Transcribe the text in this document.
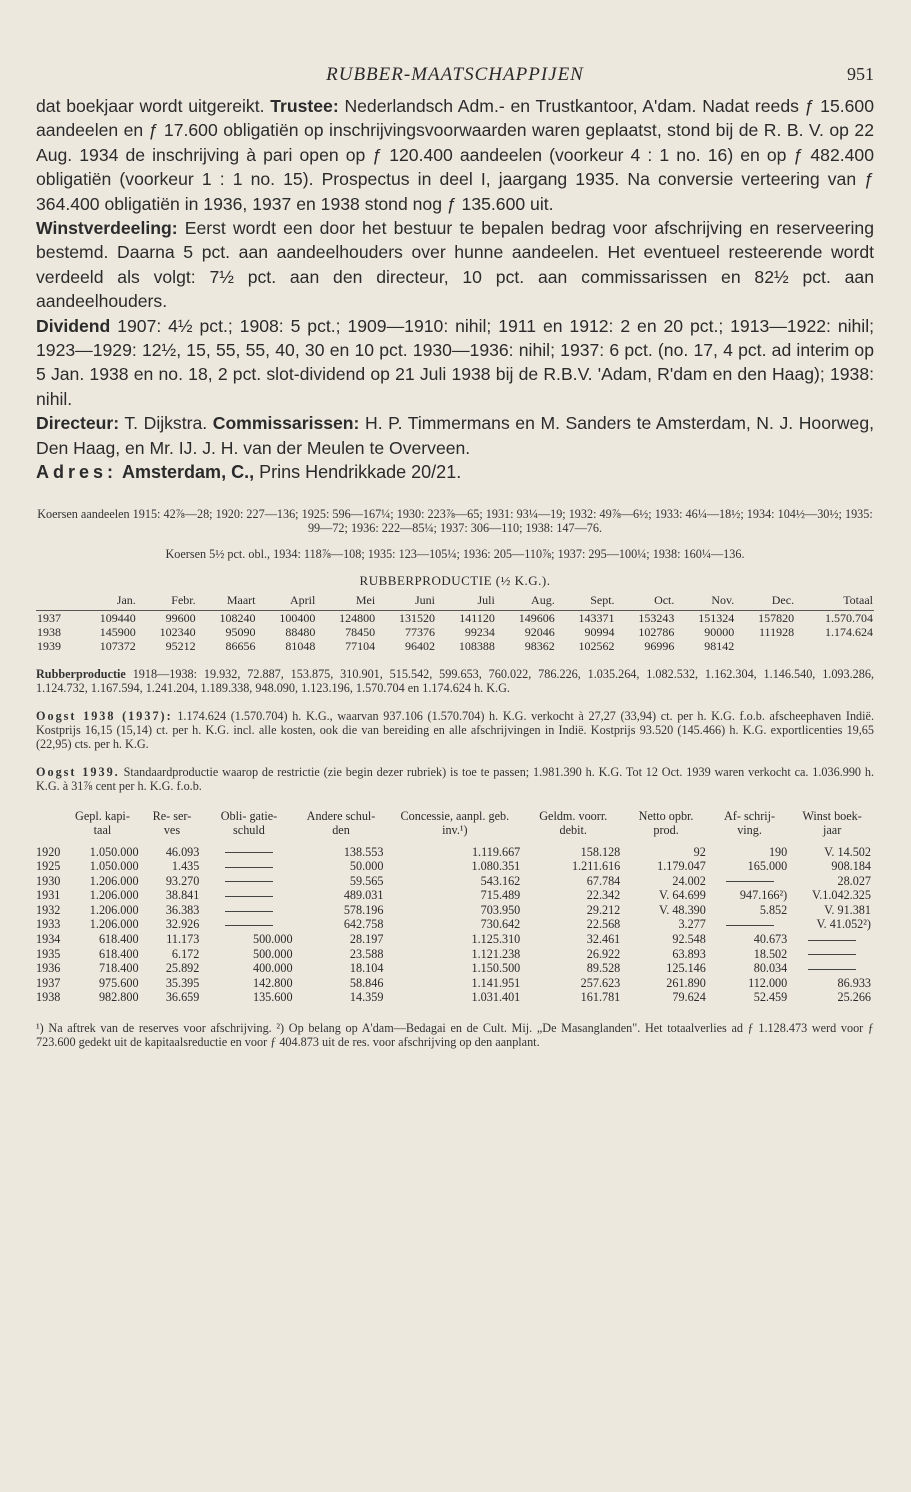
RUBBER-MAATSCHAPPIJEN	951

dat boekjaar wordt uitgereikt. Trustee: Nederlandsch Adm.- en Trustkantoor, A'dam. Nadat reeds ƒ 15.600 aandeelen en ƒ 17.600 obligatiën op inschrijvingsvoorwaarden waren geplaatst, stond bij de R. B. V. op 22 Aug. 1934 de inschrijving à pari open op ƒ 120.400 aandeelen (voorkeur 4 : 1 no. 16) en op ƒ 482.400 obligatiën (voorkeur 1 : 1 no. 15). Prospectus in deel I, jaargang 1935. Na conversie verteering van ƒ 364.400 obligatiën in 1936, 1937 en 1938 stond nog ƒ 135.600 uit.

Winstverdeeling: Eerst wordt een door het bestuur te bepalen bedrag voor afschrijving en reserveering bestemd. Daarna 5 pct. aan aandeelhouders over hunne aandeelen. Het eventueel resteerende wordt verdeeld als volgt: 7½ pct. aan den directeur, 10 pct. aan commissarissen en 82½ pct. aan aandeelhouders.

Dividend 1907: 4½ pct.; 1908: 5 pct.; 1909—1910: nihil; 1911 en 1912: 2 en 20 pct.; 1913—1922: nihil; 1923—1929: 12½, 15, 55, 55, 40, 30 en 10 pct. 1930—1936: nihil; 1937: 6 pct. (no. 17, 4 pct. ad interim op 5 Jan. 1938 en no. 18, 2 pct. slot-dividend op 21 Juli 1938 bij de R.B.V. 'Adam, R'dam en den Haag); 1938: nihil.

Directeur: T. Dijkstra. Commissarissen: H. P. Timmermans en M. Sanders te Amsterdam, N. J. Hoorweg, Den Haag, en Mr. IJ. J. H. van der Meulen te Overveen.

Adres: Amsterdam, C., Prins Hendrikkade 20/21.

Koersen aandeelen 1915: 42⅞—28; 1920: 227—136; 1925: 596—167¼; 1930: 223⅞—65; 1931: 93¼—19; 1932: 49⅞—6½; 1933: 46¼—18½; 1934: 104½—30½; 1935: 99—72; 1936: 222—85¼; 1937: 306—110; 1938: 147—76.

Koersen 5½ pct. obl., 1934: 118⅞—108; 1935: 123—105¼; 1936: 205—110⅞; 1937: 295—100¼; 1938: 160¼—136.

RUBBERPRODUCTIE (½ K.G.).
	Jan.	Febr.	Maart	April	Mei	Juni	Juli	Aug.	Sept.	Oct.	Nov.	Dec.	Totaal
1937	109440	99600	108240	100400	124800	131520	141120	149606	143371	153243	151324	157820	1.570.704
1938	145900	102340	95090	88480	78450	77376	99234	92046	90994	102786	90000	111928	1.174.624
1939	107372	95212	86656	81048	77104	96402	108388	98362	102562	96996	98142		
Rubberproductie 1918—1938: 19.932, 72.887, 153.875, 310.901, 515.542, 599.653, 760.022, 786.226, 1.035.264, 1.082.532, 1.162.304, 1.146.540, 1.093.286, 1.124.732, 1.167.594, 1.241.204, 1.189.338, 948.090, 1.123.196, 1.570.704 en 1.174.624 h. K.G.
Oogst 1938 (1937): 1.174.624 (1.570.704) h. K.G., waarvan 937.106 (1.570.704) h. K.G. verkocht à 27,27 (33,94) ct. per h. K.G. f.o.b. afscheephaven Indië. Kostprijs 16,15 (15,14) ct. per h. K.G. incl. alle kosten, ook die van bereiding en alle afschrijvingen in Indië. Kostprijs 93.520 (145.466) h. K.G. exportlicenties 19,65 (22,95) cts. per h. K.G.
Oogst 1939. Standaardproductie waarop de restrictie (zie begin dezer rubriek) is toe te passen; 1.981.390 h. K.G. Tot 12 Oct. 1939 waren verkocht ca. 1.036.990 h. K.G. à 31⅞ cent per h. K.G. f.o.b.
	Gepl. kapi- taal	Re- ser- ves	Obli- gatie- schuld	Andere schul- den	Concessie, aanpl. geb. inv.¹)	Geldm. voorr. debit.	Netto opbr. prod.	Af- schrij- ving.	Winst boek- jaar
1920	1.050.000	46.093		138.553	1.119.667	158.128	92	190	V. 14.502
1925	1.050.000	1.435		50.000	1.080.351	1.211.616	1.179.047	165.000	908.184
1930	1.206.000	93.270		59.565	543.162	67.784	24.002		28.027
1931	1.206.000	38.841		489.031	715.489	22.342	V. 64.699	947.166²)	V.1.042.325
1932	1.206.000	36.383		578.196	703.950	29.212	V. 48.390	5.852	V. 91.381
1933	1.206.000	32.926		642.758	730.642	22.568	3.277		V. 41.052²)
1934	618.400	11.173	500.000	28.197	1.125.310	32.461	92.548	40.673	
1935	618.400	6.172	500.000	23.588	1.121.238	26.922	63.893	18.502	
1936	718.400	25.892	400.000	18.104	1.150.500	89.528	125.146	80.034	
1937	975.600	35.395	142.800	58.846	1.141.951	257.623	261.890	112.000	86.933
1938	982.800	36.659	135.600	14.359	1.031.401	161.781	79.624	52.459	25.266
¹) Na aftrek van de reserves voor afschrijving. ²) Op belang op A'dam—Bedagai en de Cult. Mij. „De Masanglanden". Het totaalverlies ad ƒ 1.128.473 werd voor ƒ 723.600 gedekt uit de kapitaalsreductie en voor ƒ 404.873 uit de res. voor afschrijving op den aanplant.
